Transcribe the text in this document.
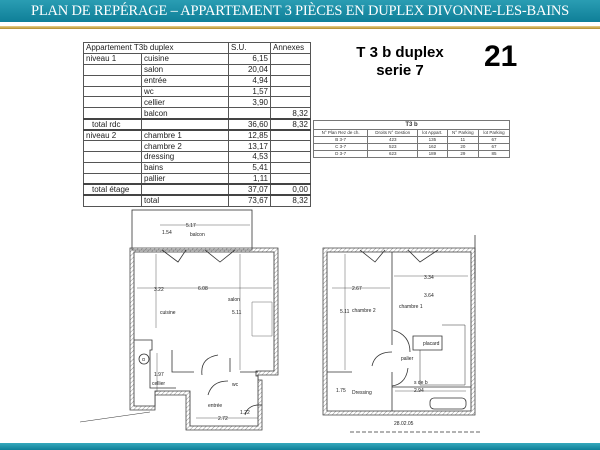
PLAN DE REPÉRAGE – APPARTEMENT 3 PIÈCES EN DUPLEX DIVONNE-LES-BAINS
Appartement T3b duplex		S.U.	Annexes
niveau 1	cuisine	6,15	
	salon	20,04	
	entrée	4,94	
	wc	1,57	
	cellier	3,90	
	balcon		8,32
total rdc		36,60	8,32
niveau 2	chambre 1	12,85	
	chambre 2	13,17	
	dressing	4,53	
	bains	5,41	
	pallier	1,11	
total étage		37,07	0,00
	total	73,67	8,32
T 3 b duplex
serie 7	21
T3 b				
N° Plan Rez de ch.	Droits N° Gestion	lot Appart.	N° Parking	lot Parking
B 3-7	423	135	11	67
C 3-7	523	162	20	67
D 3-7	623	189	29	85
5.17
1.54	balcon
3.22	6.08
cuisine
salon
5.11
α
1.97
cellier	wc
entrée
1.22
2.72
2.67
3.34
3.64
5.11 chambre 2
chambre 1
placard
palier
s de b
2.94
1.75 Dressing
28.02.05
